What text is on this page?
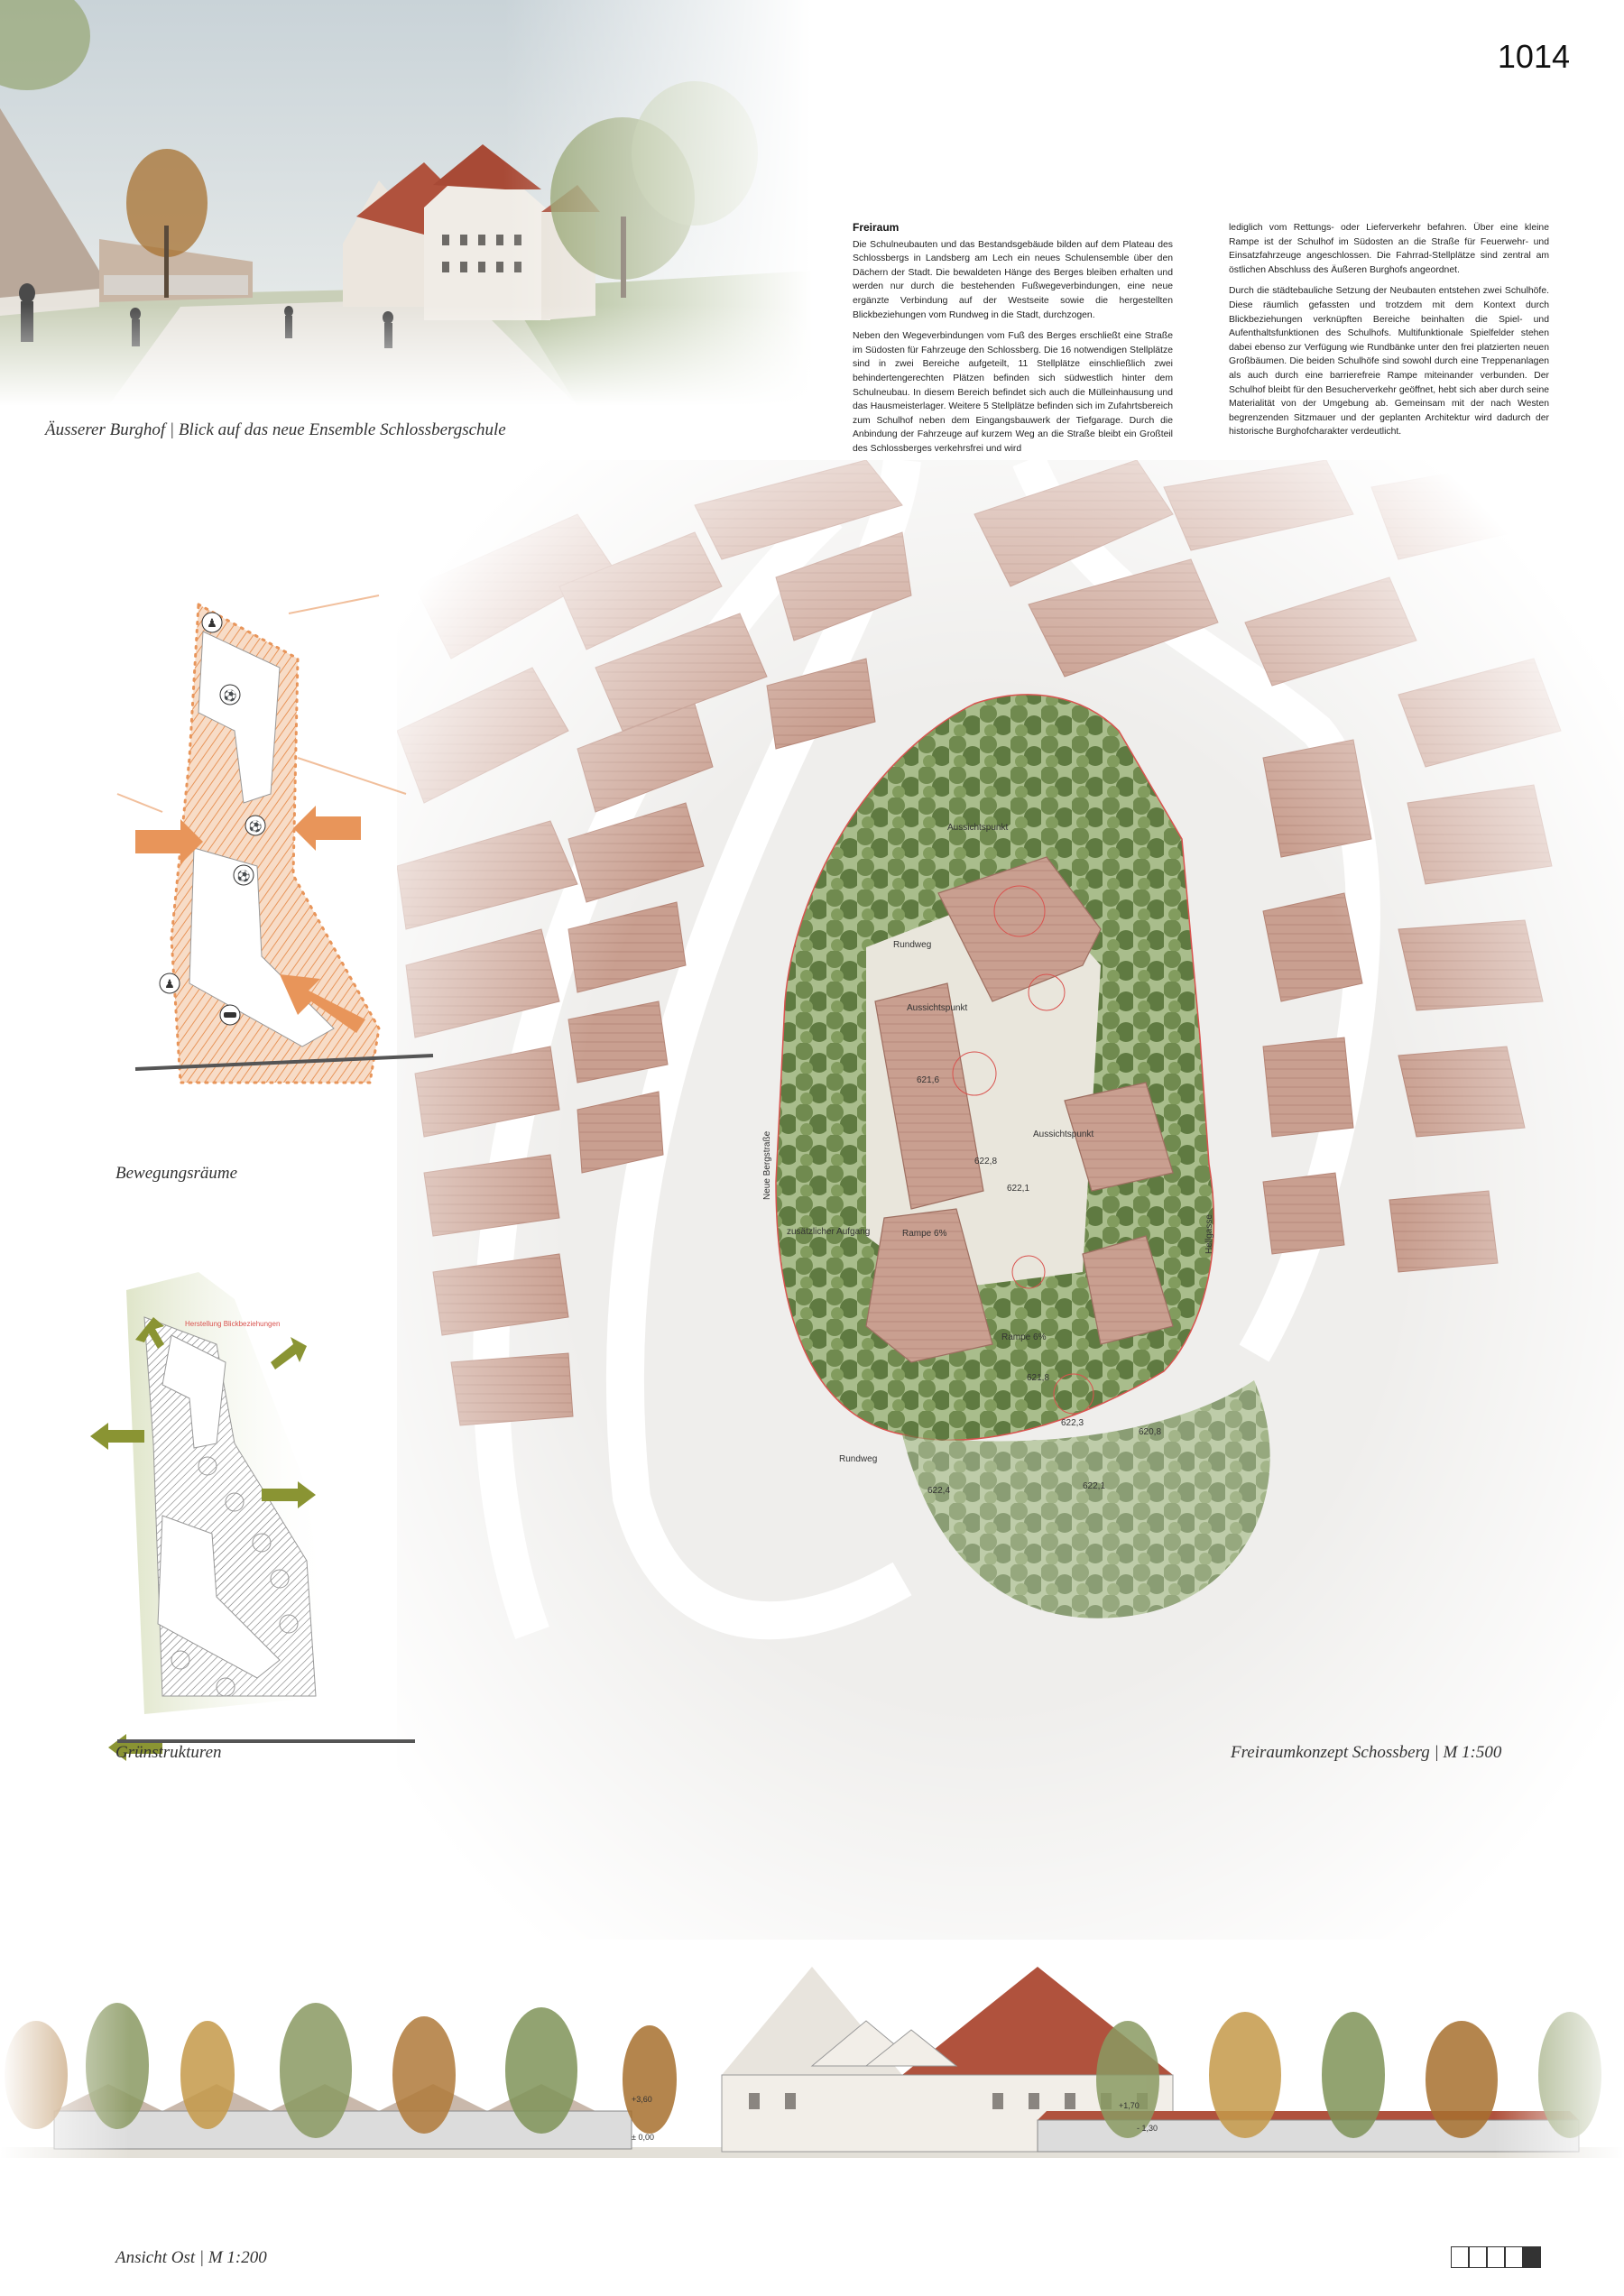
Äusserer Burghof | Blick auf das neue Ensemble Schlossbergschule
1014
Freiraum

Die Schulneubauten und das Bestandsgebäude bilden auf dem Plateau des Schlossbergs in Landsberg am Lech ein neues Schulensemble über den Dächern der Stadt. Die bewaldeten Hänge des Berges bleiben erhalten und werden nur durch die bestehenden Fußwegeverbindungen, eine neue ergänzte Verbindung auf der Westseite sowie die hergestellten Blickbeziehungen vom Rundweg in die Stadt, durchzogen.

Neben den Wegeverbindungen vom Fuß des Berges erschließt eine Straße im Südosten für Fahrzeuge den Schlossberg. Die 16 notwendigen Stellplätze sind in zwei Bereiche aufgeteilt, 11 Stellplätze einschließlich zwei behindertengerechten Plätzen befinden sich südwestlich hinter dem Schulneubau. In diesem Bereich befindet sich auch die Mülleinhausung und das Hausmeisterlager. Weitere 5 Stellplätze befinden sich im Zufahrtsbereich zum Schulhof neben dem Eingangsbauwerk der Tiefgarage. Durch die Anbindung der Fahrzeuge auf kurzem Weg an die Straße bleibt ein Großteil des Schlossberges verkehrsfrei und wird

lediglich vom Rettungs- oder Lieferverkehr befahren. Über eine kleine Rampe ist der Schulhof im Südosten an die Straße für Feuerwehr- und Einsatzfahrzeuge angeschlossen. Die Fahrrad-Stellplätze sind zentral am östlichen Abschluss des Äußeren Burghofs angeordnet.

Durch die städtebauliche Setzung der Neubauten entstehen zwei Schulhöfe. Diese räumlich gefassten und trotzdem mit dem Kontext durch Blickbeziehungen verknüpften Bereiche beinhalten die Spiel- und Aufenthaltsfunktionen des Schulhofs. Multifunktionale Spielfelder stehen dabei ebenso zur Verfügung wie Rundbänke unter den frei platzierten neuen Großbäumen. Die beiden Schulhöfe sind sowohl durch eine Treppenanlagen als auch durch eine barrierefreie Rampe miteinander verbunden. Der Schulhof bleibt für den Besucherverkehr geöffnet, hebt sich aber durch seine Materialität von der Umgebung ab. Gemeinsam mit der nach Westen begrenzenden Sitzmauer und der geplanten Architektur wird dadurch der historische Burghofcharakter verdeutlicht.

Freiraumkonzept Schossberg | M 1:500
♟
⚽
⚽
⚽
♟
Bewegungsräume
Herstellung Blickbeziehungen
Grünstrukturen
Ansicht Ost | M 1:200
